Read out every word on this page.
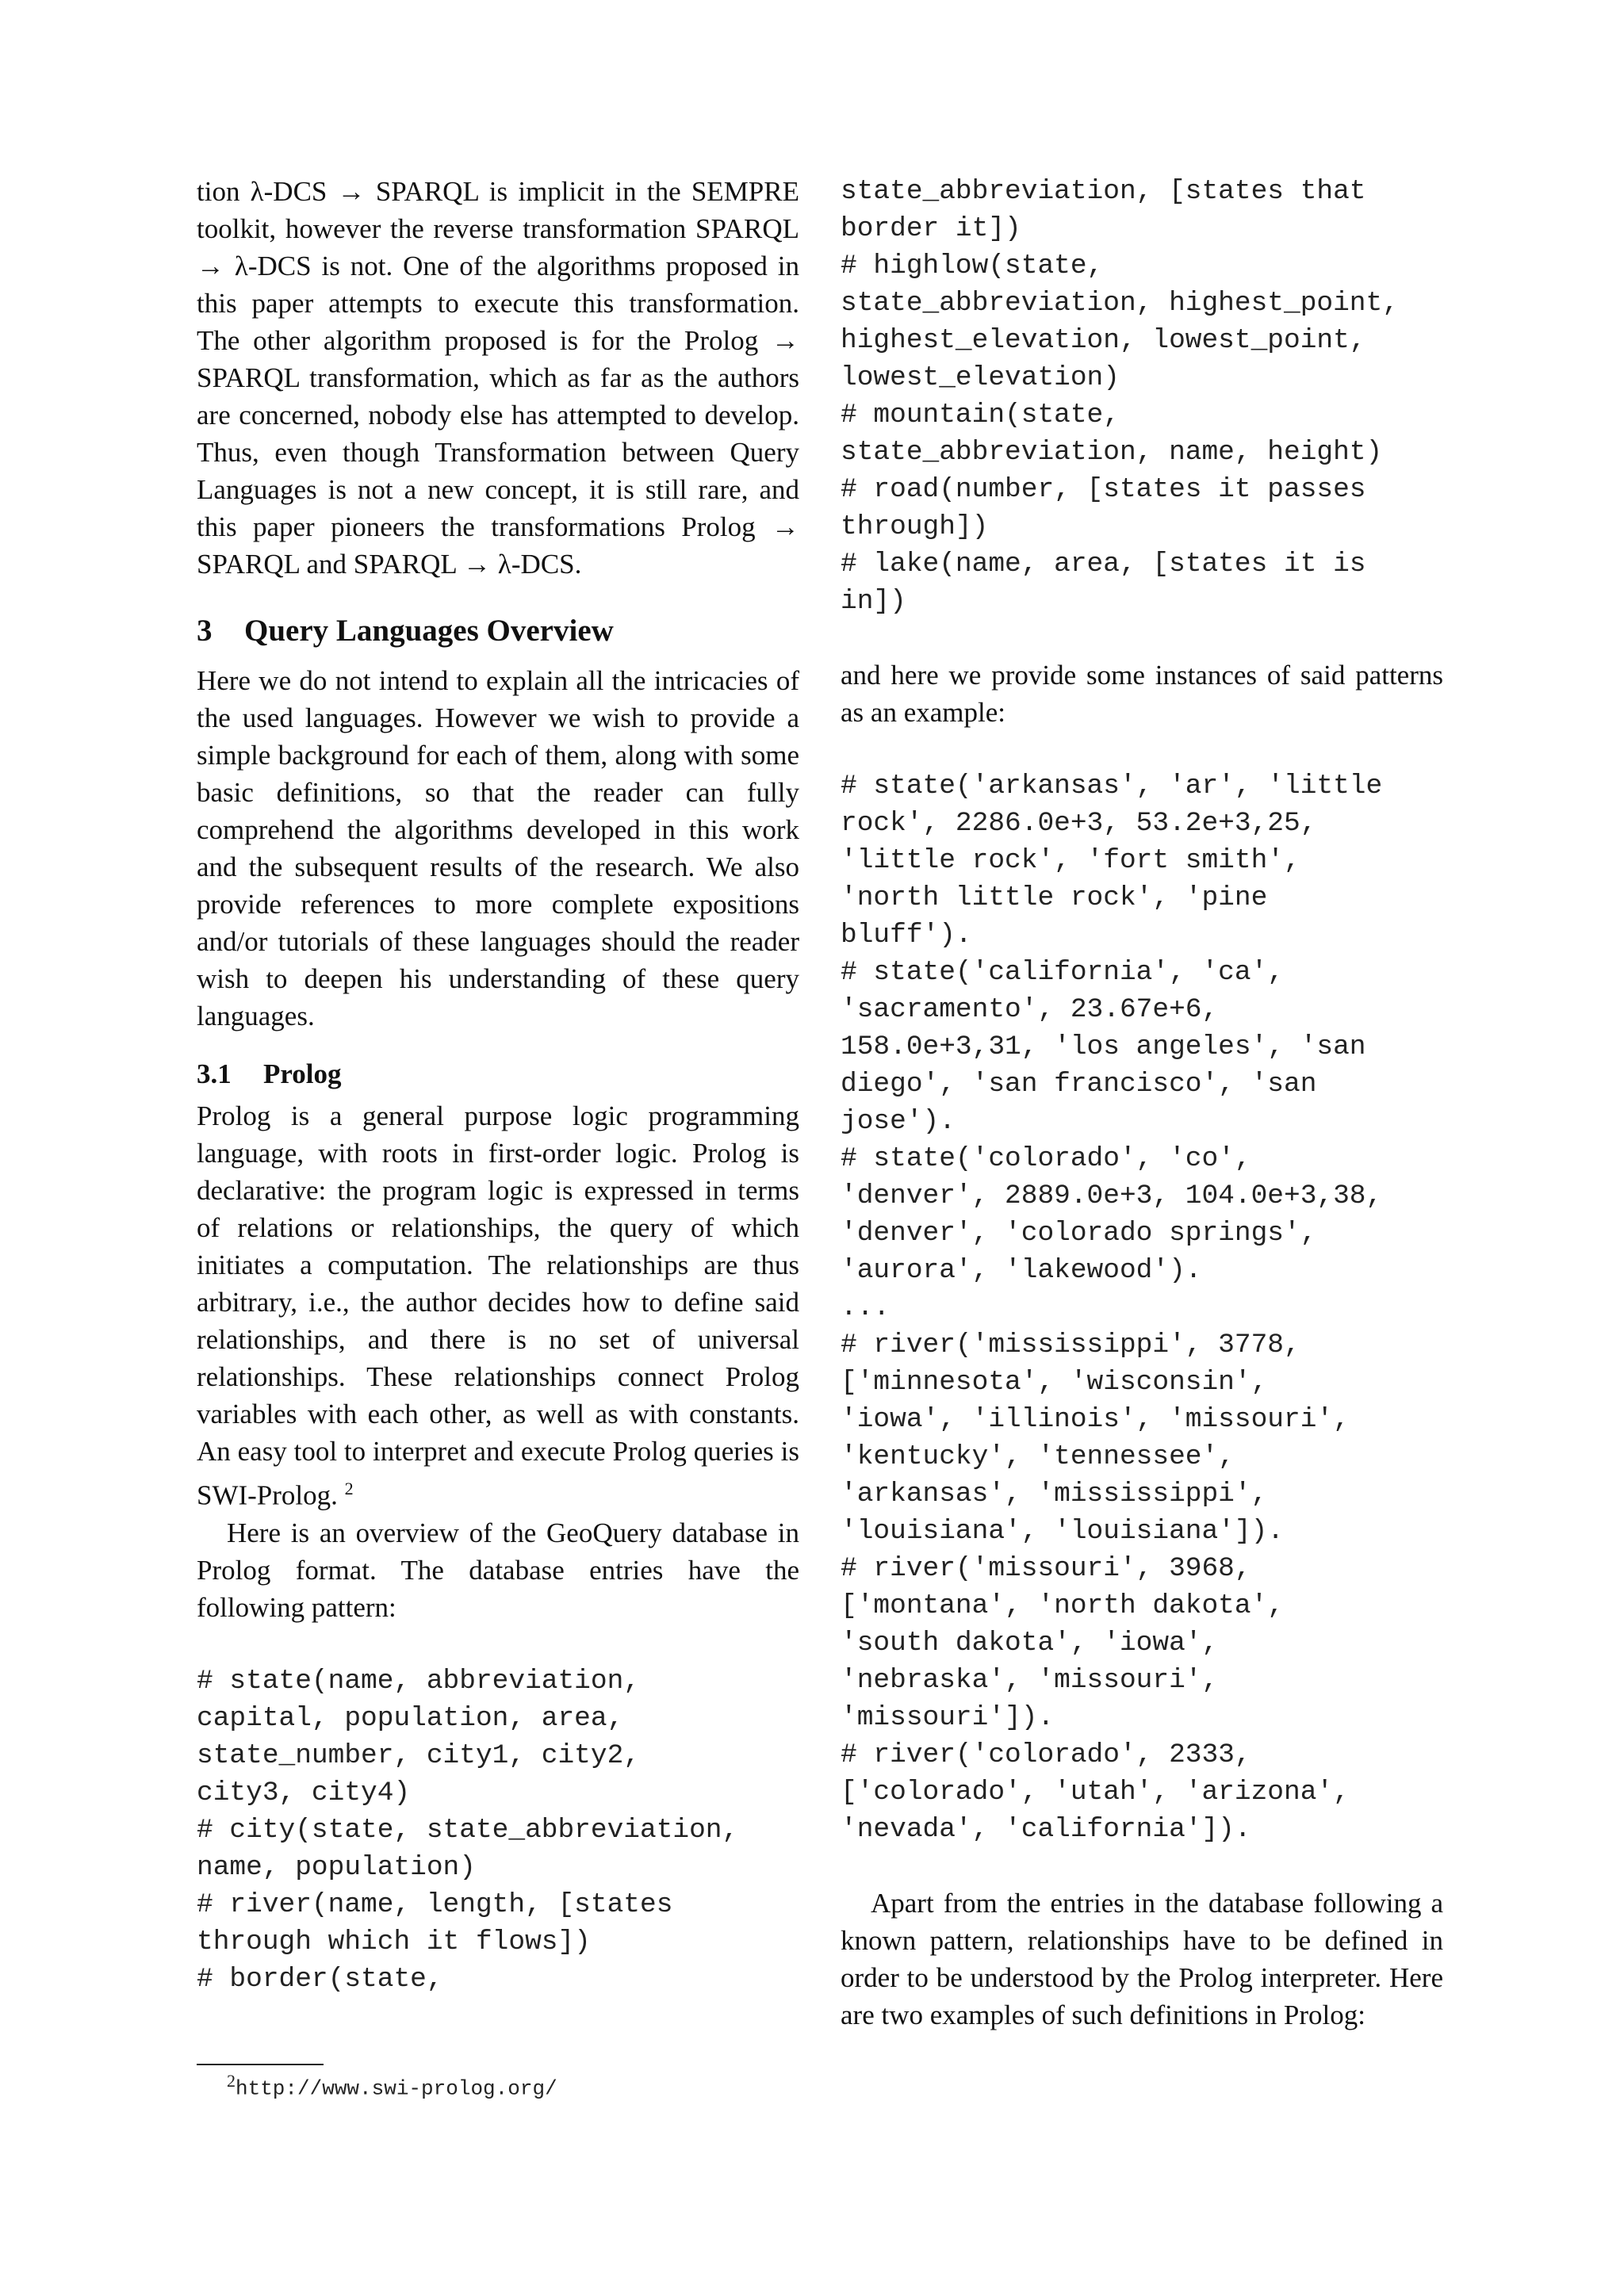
tion λ-DCS → SPARQL is implicit in the SEMPRE toolkit, however the reverse transformation SPARQL → λ-DCS is not. One of the algorithms proposed in this paper attempts to execute this transformation. The other algorithm proposed is for the Prolog → SPARQL transformation, which as far as the authors are concerned, nobody else has attempted to develop. Thus, even though Transformation between Query Languages is not a new concept, it is still rare, and this paper pioneers the transformations Prolog → SPARQL and SPARQL → λ-DCS.

3 Query Languages Overview

Here we do not intend to explain all the intricacies of the used languages. However we wish to provide a simple background for each of them, along with some basic definitions, so that the reader can fully comprehend the algorithms developed in this work and the subsequent results of the research. We also provide references to more complete expositions and/or tutorials of these languages should the reader wish to deepen his understanding of these query languages.

3.1 Prolog

Prolog is a general purpose logic programming language, with roots in first-order logic. Prolog is declarative: the program logic is expressed in terms of relations or relationships, the query of which initiates a computation. The relationships are thus arbitrary, i.e., the author decides how to define said relationships, and there is no set of universal relationships. These relationships connect Prolog variables with each other, as well as with constants. An easy tool to interpret and execute Prolog queries is SWI-Prolog. $^2$

Here is an overview of the GeoQuery database in Prolog format. The database entries have the following pattern:

# state(name, abbreviation,
capital, population, area,
state_number, city1, city2,
city3, city4)
# city(state, state_abbreviation,
name, population)
# river(name, length, [states
through which it flows])
# border(state,
$^2$http://www.swi-prolog.org/
state_abbreviation, [states that
border it])
# highlow(state,
state_abbreviation, highest_point,
highest_elevation, lowest_point,
lowest_elevation)
# mountain(state,
state_abbreviation, name, height)
# road(number, [states it passes
through])
# lake(name, area, [states it is
in])

and here we provide some instances of said patterns as an example:

# state('arkansas', 'ar', 'little
rock', 2286.0e+3, 53.2e+3,25,
'little rock', 'fort smith',
'north little rock', 'pine
bluff').
# state('california', 'ca',
'sacramento', 23.67e+6,
158.0e+3,31, 'los angeles', 'san
diego', 'san francisco', 'san
jose').
# state('colorado', 'co',
'denver', 2889.0e+3, 104.0e+3,38,
'denver', 'colorado springs',
'aurora', 'lakewood').
...
# river('mississippi', 3778,
['minnesota', 'wisconsin',
'iowa', 'illinois', 'missouri',
'kentucky', 'tennessee',
'arkansas', 'mississippi',
'louisiana', 'louisiana']).
# river('missouri', 3968,
['montana', 'north dakota',
'south dakota', 'iowa',
'nebraska', 'missouri',
'missouri']).
# river('colorado', 2333,
['colorado', 'utah', 'arizona',
'nevada', 'california']).

Apart from the entries in the database following a known pattern, relationships have to be defined in order to be understood by the Prolog interpreter. Here are two examples of such definitions in Prolog:
